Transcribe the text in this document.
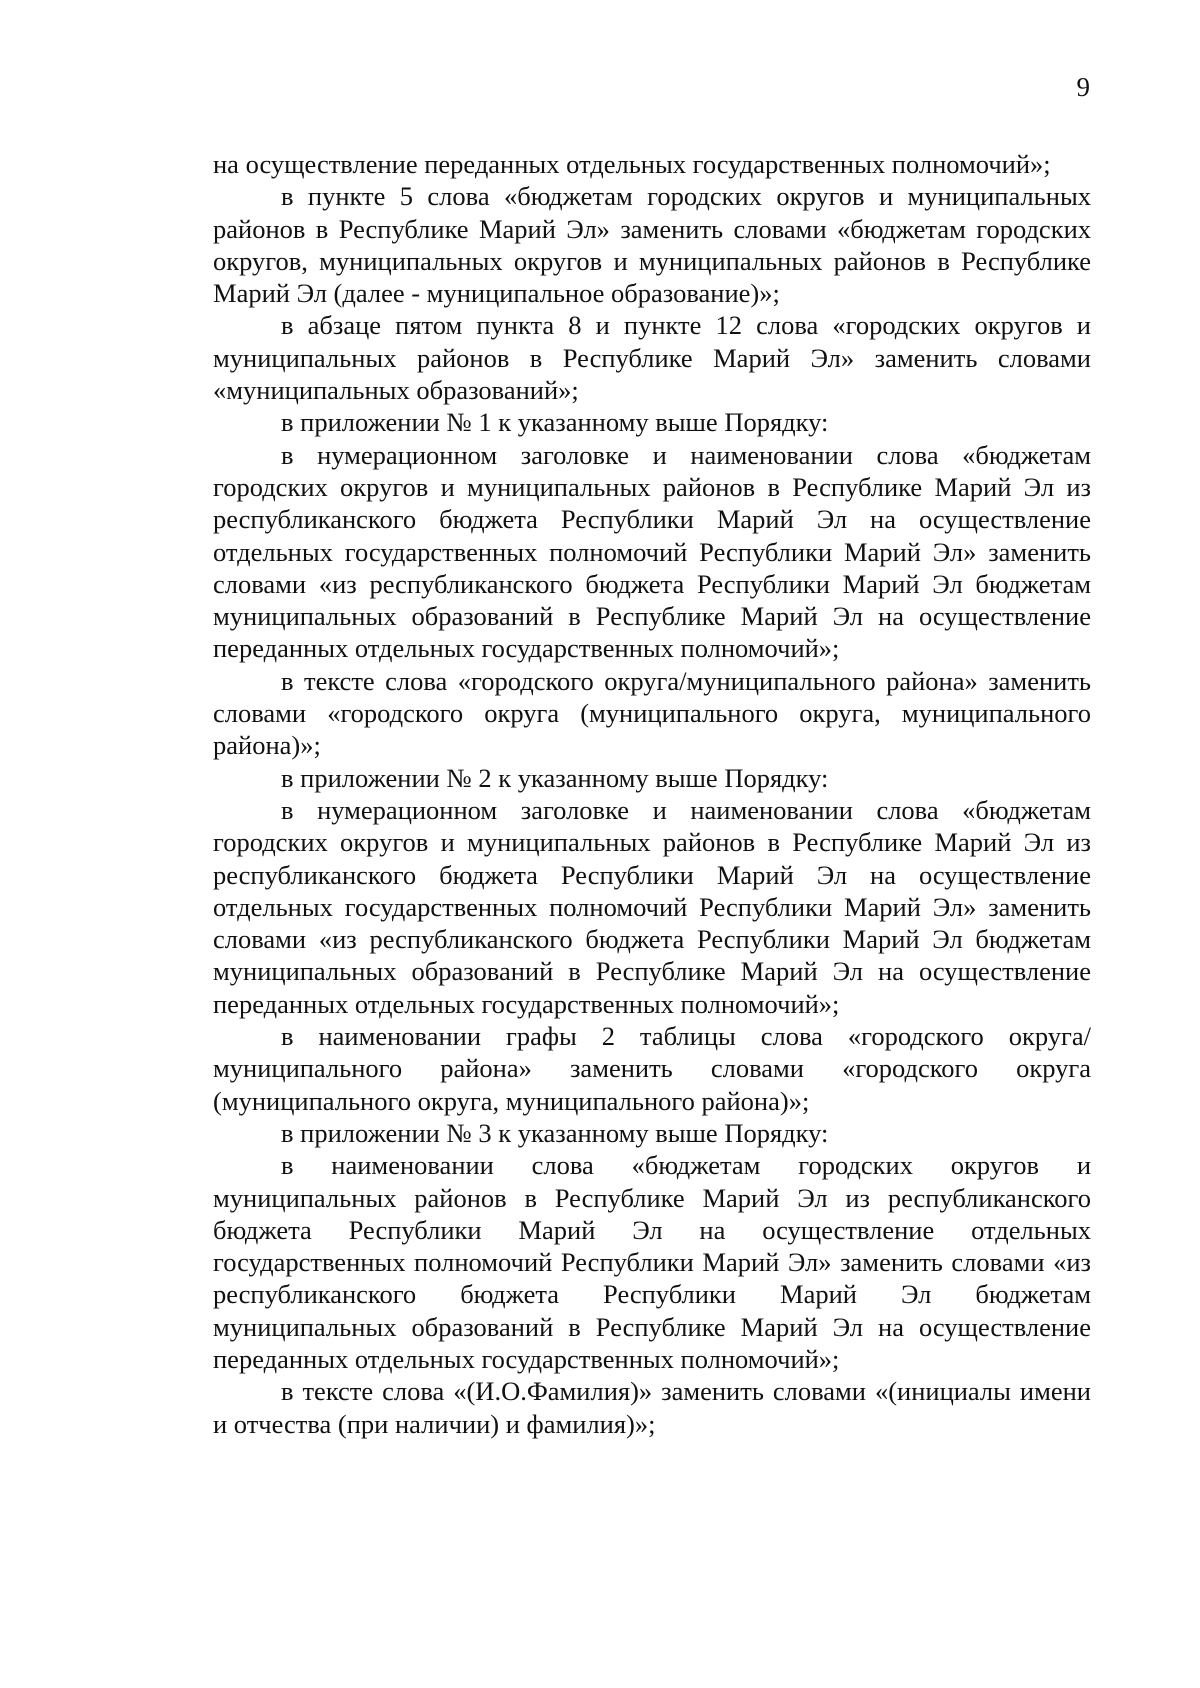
9

на осуществление переданных отдельных государственных полномочий»;

в пункте 5 слова «бюджетам городских округов и муниципальных районов в Республике Марий Эл» заменить словами «бюджетам городских округов, муниципальных округов и муниципальных районов в Республике Марий Эл (далее - муниципальное образование)»;

в абзаце пятом пункта 8 и пункте 12 слова «городских округов и муниципальных районов в Республике Марий Эл» заменить словами «муниципальных образований»;

в приложении № 1 к указанному выше Порядку:

в нумерационном заголовке и наименовании слова «бюджетам городских округов и муниципальных районов в Республике Марий Эл из республиканского бюджета Республики Марий Эл на осуществление отдельных государственных полномочий Республики Марий Эл» заменить словами «из республиканского бюджета Республики Марий Эл бюджетам муниципальных образований в Республике Марий Эл на осуществление переданных отдельных государственных полномочий»;

в тексте слова «городского округа/муниципального района» заменить словами «городского округа (муниципального округа, муниципального района)»;

в приложении № 2 к указанному выше Порядку:

в нумерационном заголовке и наименовании слова «бюджетам городских округов и муниципальных районов в Республике Марий Эл из республиканского бюджета Республики Марий Эл на осуществление отдельных государственных полномочий Республики Марий Эл» заменить словами «из республиканского бюджета Республики Марий Эл бюджетам муниципальных образований в Республике Марий Эл на осуществление переданных отдельных государственных полномочий»;

в наименовании графы 2 таблицы слова «городского округа/муниципального района» заменить словами «городского округа (муниципального округа, муниципального района)»;

в приложении № 3 к указанному выше Порядку:

в наименовании слова «бюджетам городских округов и муниципальных районов в Республике Марий Эл из республиканского бюджета Республики Марий Эл на осуществление отдельных государственных полномочий Республики Марий Эл» заменить словами «из республиканского бюджета Республики Марий Эл бюджетам муниципальных образований в Республике Марий Эл на осуществление переданных отдельных государственных полномочий»;

в тексте слова «(И.О.Фамилия)» заменить словами «(инициалы имени и отчества (при наличии) и фамилия)»;
